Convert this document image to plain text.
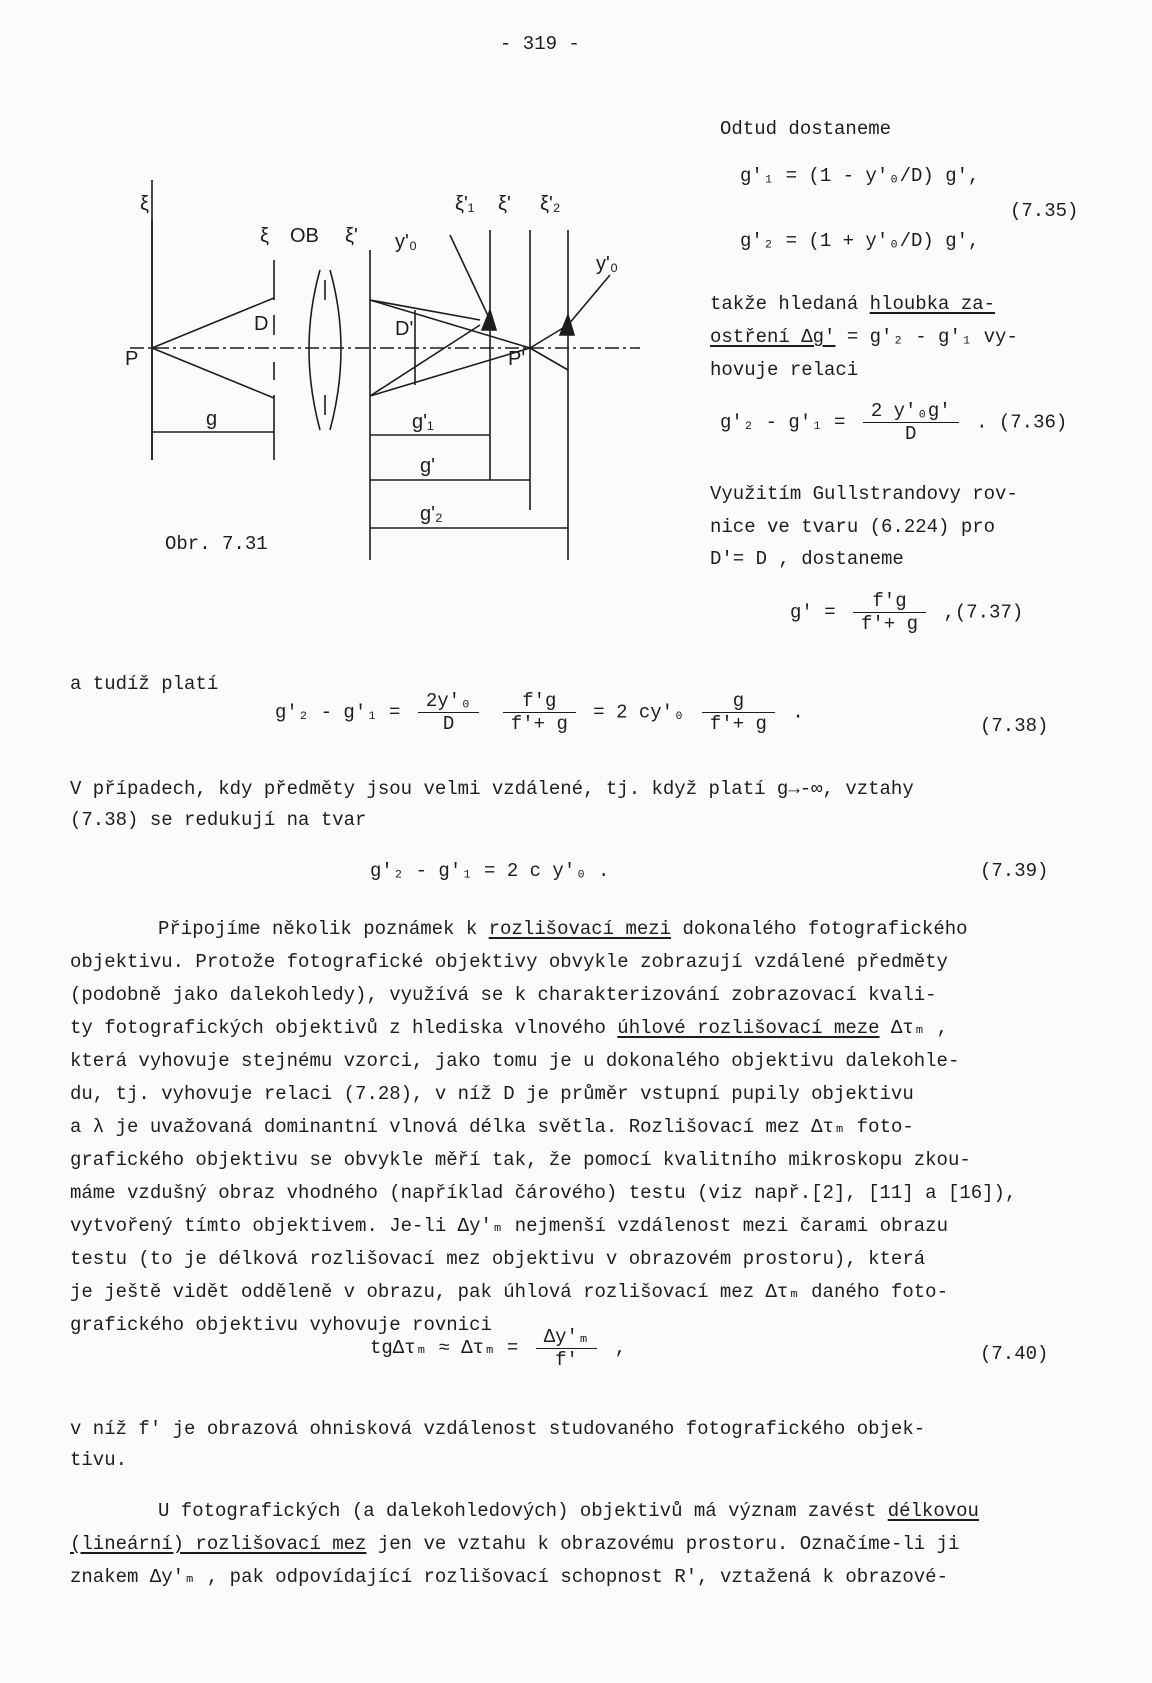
- 319 -
ξ
ξ OB ξ' y'₀
ξ'₁ ξ' ξ'₂
y'₀
P
D	D'
P'
g	g'₁
g'
g'₂
Obr. 7.31
Odtud dostaneme
g'₁ = (1 - y'₀/D) g',
g'₂ = (1 + y'₀/D) g',
(7.35)
takže hledaná hloubka za-
ostření Δg' = g'₂ - g'₁ vy-
hovuje relaci
$g'_2 - g'_1 = \frac{\text{2 y'₀g'}}{D}$ . (7.36)
Využitím Gullstrandovy rov-
nice ve tvaru (6.224) pro
D'= D , dostaneme
$g' = \frac{f'g}{f'+ g} ,(7.37)$
a tudíž platí
$g'_2 - g'_1 = \frac{\text{2y'₀}}{D}$
$\frac{f'g}{f'+ g} = 2$ $cy'_0 \frac{g}{f'+ g}$ .
(7.38)
V případech, kdy předměty jsou velmi vzdálené, tj. když platí g→-∞, vztahy
(7.38) se redukují na tvar
g'₂ - g'₁ = 2 c y'₀ .	(7.39)
Připojíme několik poznámek k rozlišovací mezi dokonalého fotografického
objektivu. Protože fotografické objektivy obvykle zobrazují vzdálené předměty
(podobně jako dalekohledy), využívá se k charakterizování zobrazovací kvali-
ty fotografických objektivů z hlediska vlnového úhlové rozlišovací meze Δτₘ ,
která vyhovuje stejnému vzorci, jako tomu je u dokonalého objektivu dalekohle-
du, tj. vyhovuje relaci (7.28), v níž D je průměr vstupní pupily objektivu
a λ je uvažovaná dominantní vlnová délka světla. Rozlišovací mez Δτₘ foto-
grafického objektivu se obvykle měří tak, že pomocí kvalitního mikroskopu zkou-
máme vzdušný obraz vhodného (například čárového) testu (viz např.[2], [11] a [16]),
vytvořený tímto objektivem. Je-li Δy'ₘ nejmenší vzdálenost mezi čarami obrazu
testu (to je délková rozlišovací mez objektivu v obrazovém prostoru), která
je ještě vidět odděleně v obrazu, pak úhlová rozlišovací mez Δτₘ daného foto-
grafického objektivu vyhovuje rovnici
$tg\Delta\tau_m \approx \Delta\tau_m = \frac{\text{Δy'ₘ}}{f'}$ ,	(7.40)
v níž f' je obrazová ohnisková vzdálenost studovaného fotografického objek-
tivu.
U fotografických (a dalekohledových) objektivů má význam zavést délkovou
(lineární) rozlišovací mez jen ve vztahu k obrazovému prostoru. Označíme-li ji
znakem Δy'ₘ , pak odpovídající rozlišovací schopnost R', vztažená k obrazové-
